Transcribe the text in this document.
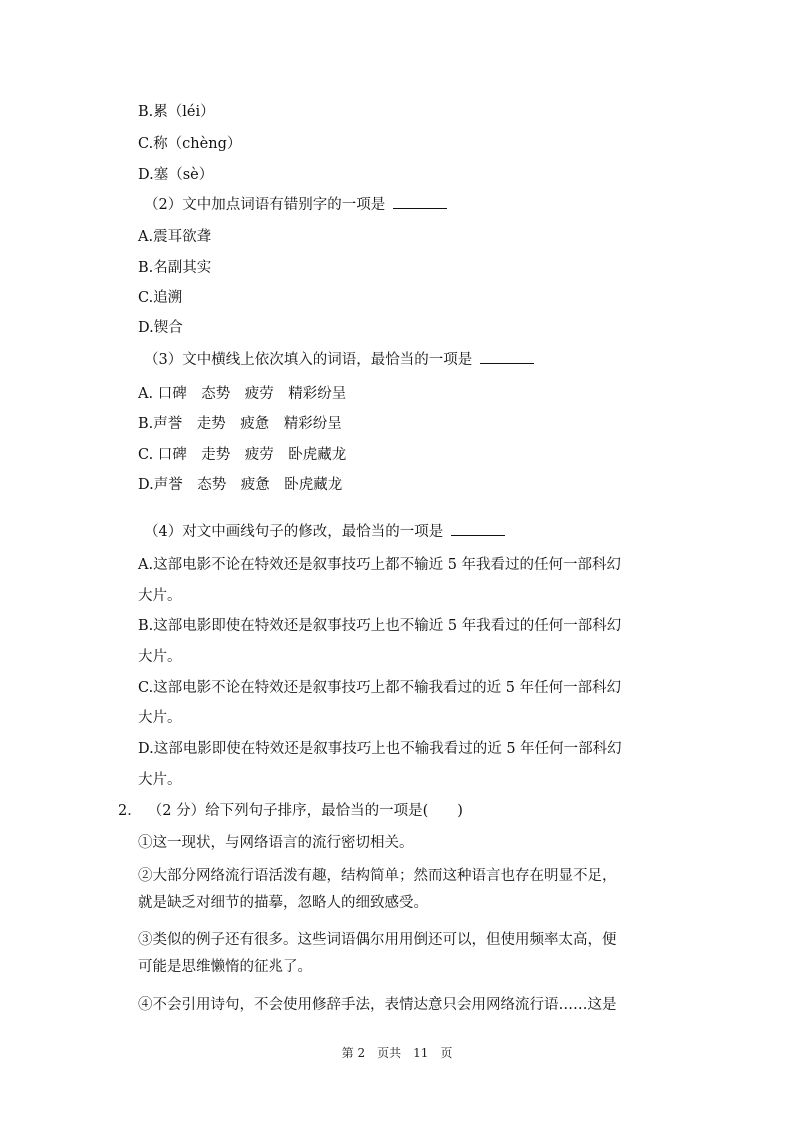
B.累（léi）
C.称（chèng）
D.塞（sè）
（2）文中加点词语有错别字的一项是
A.震耳欲聋
B.名副其实
C.追溯
D.锲合
（3）文中横线上依次填入的词语，最恰当的一项是
A. 口碑　态势　疲劳　精彩纷呈
B.声誉　走势　疲惫　精彩纷呈
C. 口碑　走势　疲劳　卧虎藏龙
D.声誉　态势　疲惫　卧虎藏龙
（4）对文中画线句子的修改，最恰当的一项是
A.这部电影不论在特效还是叙事技巧上都不输近 5 年我看过的任何一部科幻
大片。
B.这部电影即使在特效还是叙事技巧上也不输近 5 年我看过的任何一部科幻
大片。
C.这部电影不论在特效还是叙事技巧上都不输我看过的近 5 年任何一部科幻
大片。
D.这部电影即使在特效还是叙事技巧上也不输我看过的近 5 年任何一部科幻
大片。
2． （2 分）给下列句子排序，最恰当的一项是(　　)
①这一现状，与网络语言的流行密切相关。
②大部分网络流行语活泼有趣，结构简单；然而这种语言也存在明显不足，
就是缺乏对细节的描摹，忽略人的细致感受。
③类似的例子还有很多。这些词语偶尔用用倒还可以，但使用频率太高，便
可能是思维懒惰的征兆了。
④不会引用诗句，不会使用修辞手法，表情达意只会用网络流行语……这是
第 2　页共　11　页
